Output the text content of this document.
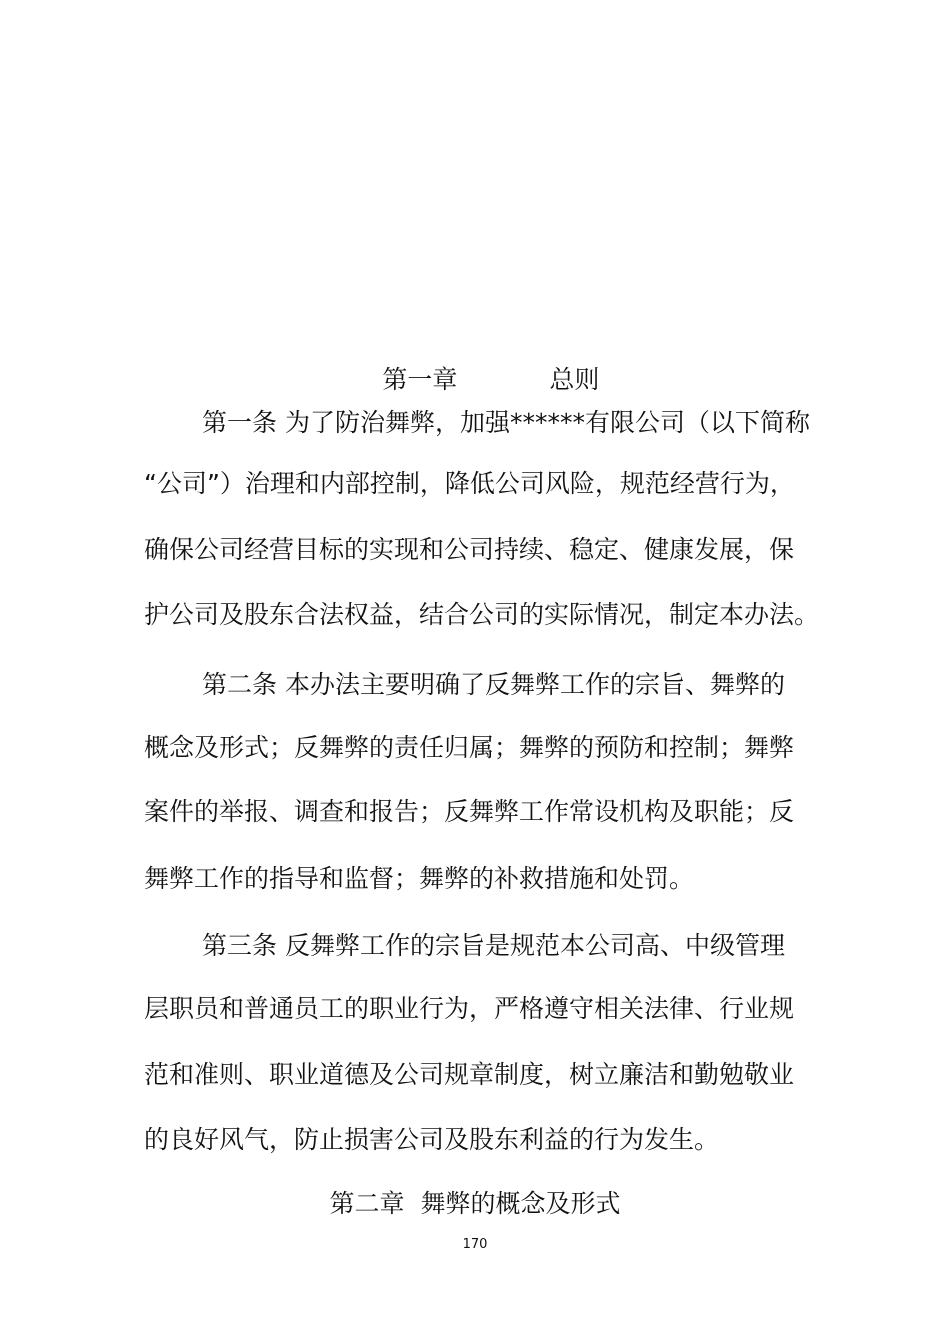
第一章	总则

第一条 为了防治舞弊，加强******有限公司（以下简称
“公司”）治理和内部控制，降低公司风险，规范经营行为，
确保公司经营目标的实现和公司持续、稳定、健康发展，保
护公司及股东合法权益，结合公司的实际情况，制定本办法。
第二条 本办法主要明确了反舞弊工作的宗旨、舞弊的
概念及形式；反舞弊的责任归属；舞弊的预防和控制；舞弊
案件的举报、调查和报告；反舞弊工作常设机构及职能；反
舞弊工作的指导和监督；舞弊的补救措施和处罚。
第三条 反舞弊工作的宗旨是规范本公司高、中级管理
层职员和普通员工的职业行为，严格遵守相关法律、行业规
范和准则、职业道德及公司规章制度，树立廉洁和勤勉敬业
的良好风气，防止损害公司及股东利益的行为发生。
第二章  舞弊的概念及形式
170
